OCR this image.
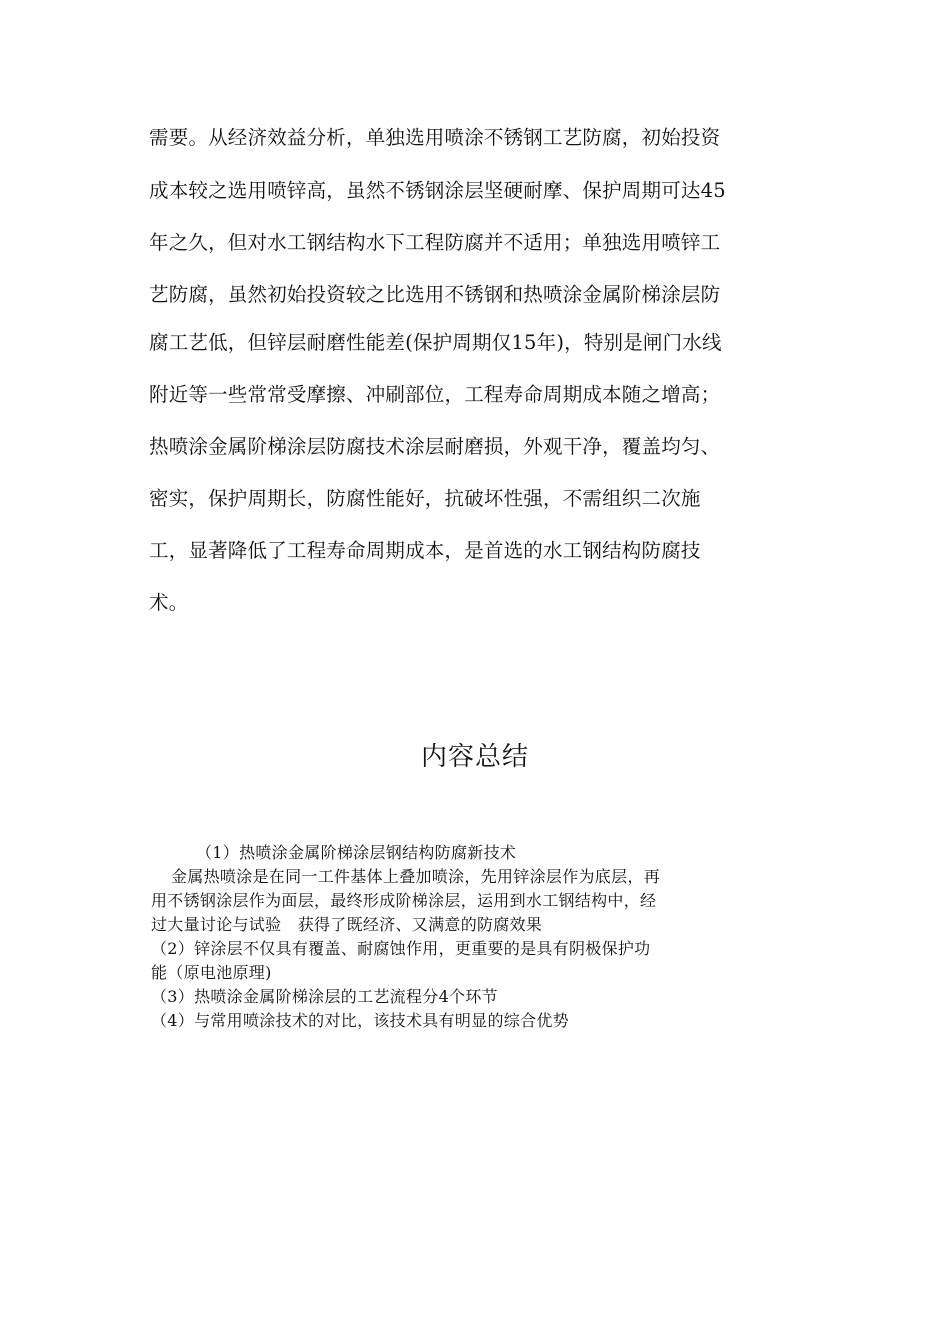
需要。从经济效益分析，单独选用喷涂不锈钢工艺防腐，初始投资
成本较之选用喷锌高，虽然不锈钢涂层坚硬耐摩、保护周期可达45
年之久，但对水工钢结构水下工程防腐并不适用；单独选用喷锌工
艺防腐，虽然初始投资较之比选用不锈钢和热喷涂金属阶梯涂层防
腐工艺低，但锌层耐磨性能差(保护周期仅15年)，特别是闸门水线
附近等一些常常受摩擦、冲刷部位，工程寿命周期成本随之增高；
热喷涂金属阶梯涂层防腐技术涂层耐磨损，外观干净，覆盖均匀、
密实，保护周期长，防腐性能好，抗破坏性强，不需组织二次施
工，显著降低了工程寿命周期成本，是首选的水工钢结构防腐技
术。
内容总结
（1）热喷涂金属阶梯涂层钢结构防腐新技术
金属热喷涂是在同一工件基体上叠加喷涂，先用锌涂层作为底层，再
用不锈钢涂层作为面层，最终形成阶梯涂层，运用到水工钢结构中，经
过大量讨论与试验　获得了既经济、又满意的防腐效果
（2）锌涂层不仅具有覆盖、耐腐蚀作用，更重要的是具有阴极保护功
能（原电池原理)
（3）热喷涂金属阶梯涂层的工艺流程分4个环节
（4）与常用喷涂技术的对比，该技术具有明显的综合优势
